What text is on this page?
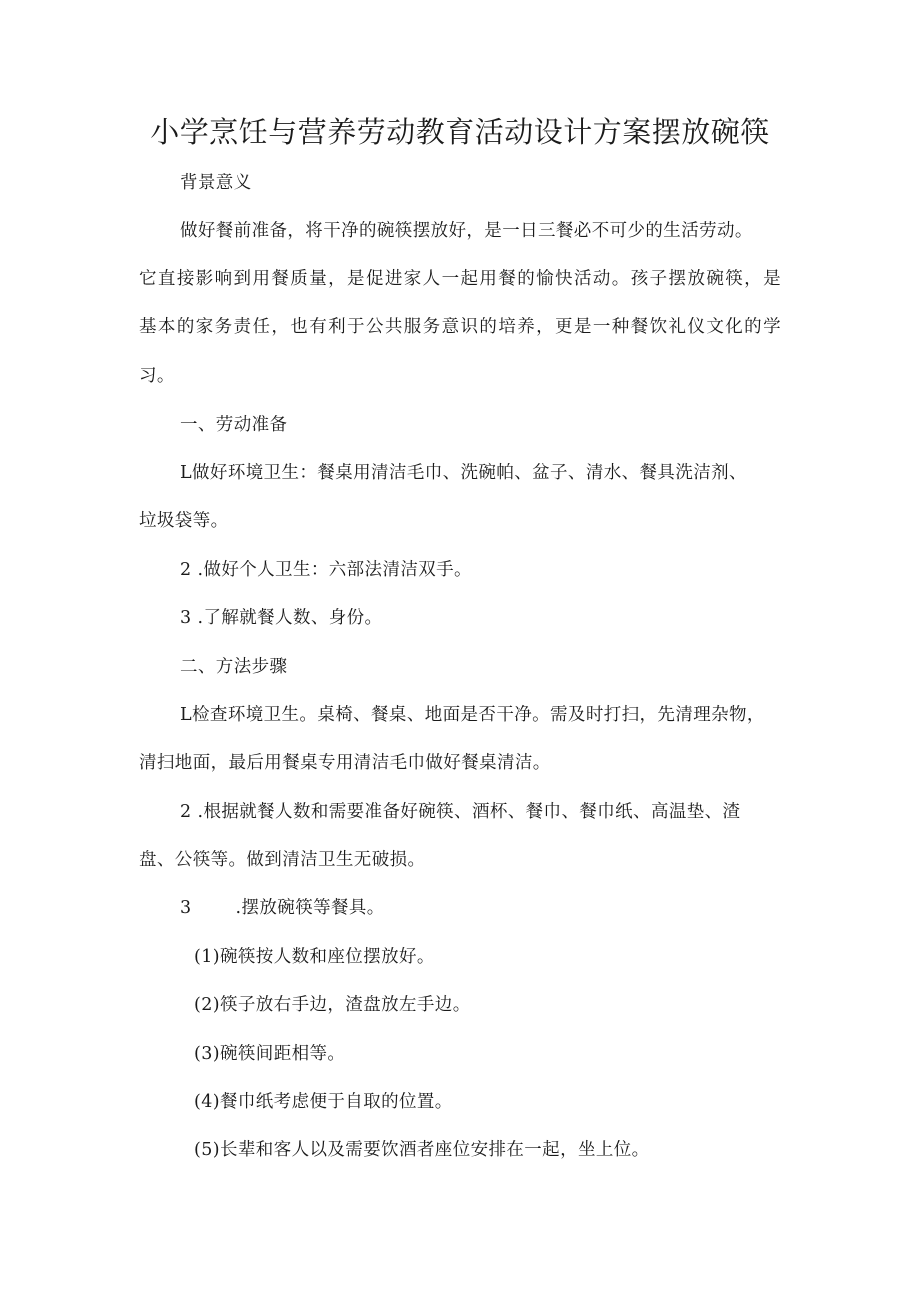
小学烹饪与营养劳动教育活动设计方案摆放碗筷
背景意义
做好餐前准备，将干净的碗筷摆放好，是一日三餐必不可少的生活劳动。
它直接影响到用餐质量，是促进家人一起用餐的愉快活动。孩子摆放碗筷，是
基本的家务责任，也有利于公共服务意识的培养，更是一种餐饮礼仪文化的学
习。
一、劳动准备
L做好环境卫生：餐桌用清洁毛巾、洗碗帕、盆子、清水、餐具洗洁剂、
垃圾袋等。
2 .做好个人卫生：六部法清洁双手。
3 .了解就餐人数、身份。
二、方法步骤
L检查环境卫生。桌椅、餐桌、地面是否干净。需及时打扫，先清理杂物，
清扫地面，最后用餐桌专用清洁毛巾做好餐桌清洁。
2 .根据就餐人数和需要准备好碗筷、酒杯、餐巾、餐巾纸、高温垫、渣
盘、公筷等。做到清洁卫生无破损。
3	.摆放碗筷等餐具。
(1)碗筷按人数和座位摆放好。
(2)筷子放右手边，渣盘放左手边。
(3)碗筷间距相等。
(4)餐巾纸考虑便于自取的位置。
(5)长辈和客人以及需要饮酒者座位安排在一起，坐上位。
